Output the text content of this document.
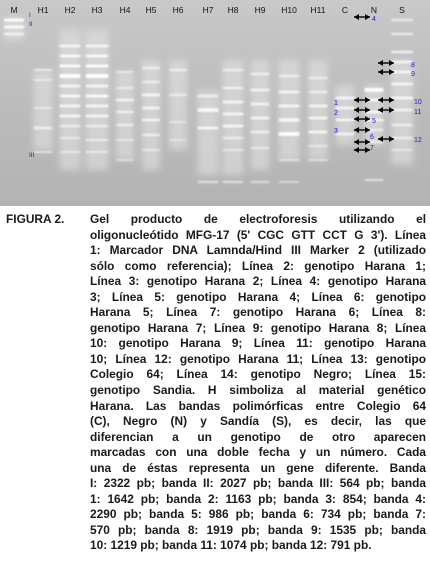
M H1 H2 H3 H4 H5 H6 H7 H8 H9 H10 H11 C	N	S
I
II
III
1
2
3
4
5
6
7
8
9
10
11
12
FIGURA 2.	Gel producto de electroforesis utilizando el
oligonucleótido MFG-17 (5' CGC GTT CCT G 3'). Línea
1: Marcador DNA Lamnda/Hind III Marker 2 (utilizado
sólo como referencia); Línea 2: genotipo Harana 1;
Línea 3: genotipo Harana 2; Línea 4: genotipo Harana
3; Línea 5: genotipo Harana 4; Línea 6: genotipo
Harana 5; Línea 7: genotipo Harana 6; Línea 8:
genotipo Harana 7; Línea 9: genotipo Harana 8; Línea
10: genotipo Harana 9; Línea 11: genotipo Harana
10; Línea 12: genotipo Harana 11; Línea 13: genotipo
Colegio 64; Línea 14: genotipo Negro; Línea 15:
genotipo Sandia. H simboliza al material genético
Harana. Las bandas polimórficas entre Colegio 64
(C), Negro (N) y Sandía (S), es decir, las que
diferencian a un genotipo de otro aparecen
marcadas con una doble fecha y un número. Cada
una de éstas representa un gene diferente. Banda
I: 2322 pb; banda II: 2027 pb; banda III: 564 pb; banda
1: 1642 pb; banda 2: 1163 pb; banda 3: 854; banda 4:
2290 pb; banda 5: 986 pb; banda 6: 734 pb; banda 7:
570 pb; banda 8: 1919 pb; banda 9: 1535 pb; banda
10: 1219 pb; banda 11: 1074 pb; banda 12: 791 pb.
